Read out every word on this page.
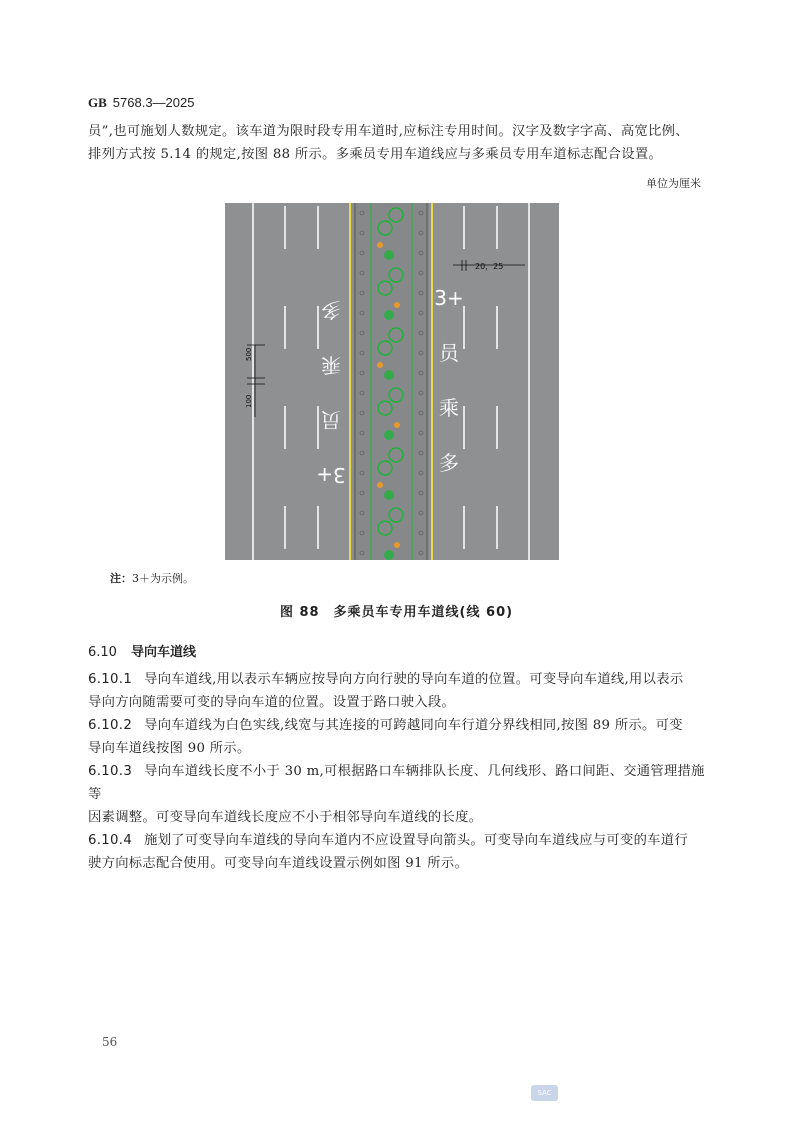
GB 5768.3—2025
员”,也可施划人数规定。该车道为限时段专用车道时,应标注专用时间。汉字及数字字高、高宽比例、
排列方式按 5.14 的规定,按图 88 所示。多乘员专用车道线应与多乘员专用车道标志配合设置。
单位为厘米
多
乘
员
3+
3+
员
乘
多
500
100
20，25
注：3＋为示例。
图 88　多乘员车专用车道线(线 60)
6.10 导向车道线
6.10.1 导向车道线,用以表示车辆应按导向方向行驶的导向车道的位置。可变导向车道线,用以表示
导向方向随需要可变的导向车道的位置。设置于路口驶入段。
6.10.2 导向车道线为白色实线,线宽与其连接的可跨越同向车行道分界线相同,按图 89 所示。可变
导向车道线按图 90 所示。
6.10.3 导向车道线长度不小于 30 m,可根据路口车辆排队长度、几何线形、路口间距、交通管理措施等
因素调整。可变导向车道线长度应不小于相邻导向车道线的长度。
6.10.4 施划了可变导向车道线的导向车道内不应设置导向箭头。可变导向车道线应与可变的车道行
驶方向标志配合使用。可变导向车道线设置示例如图 91 所示。
56
SAC
